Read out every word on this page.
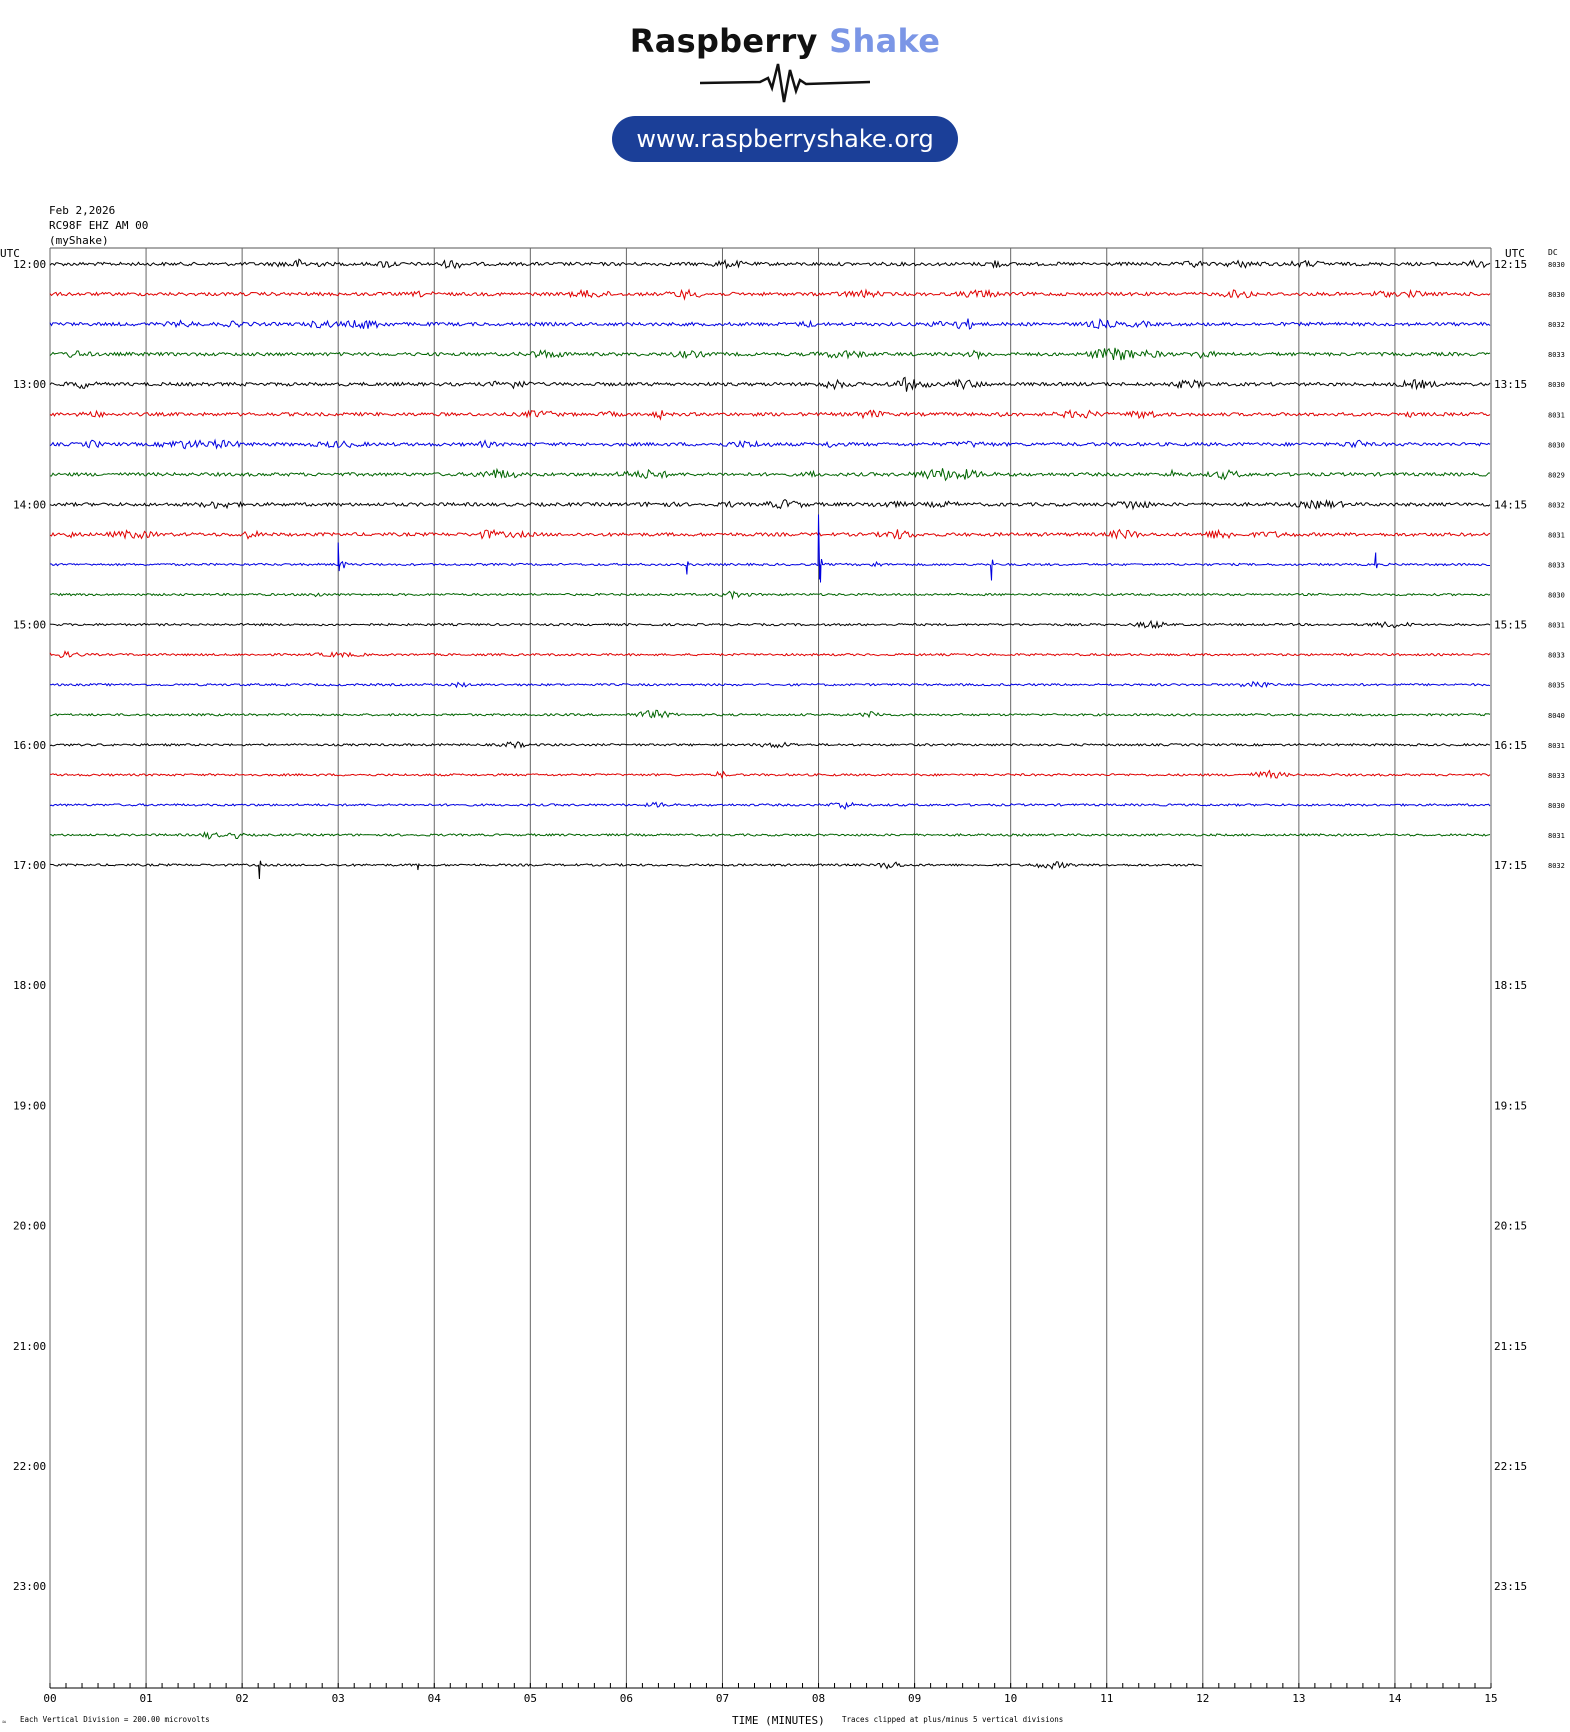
Raspberry Shake
www.raspberryshake.org
Feb 2,2026
RC98F EHZ AM 00
(myShake)
UTC	UTC	DC
TIME (MINUTES)
Each Vertical Division = 200.00 microvolts	Traces clipped at plus/minus 5 vertical divisions
00	01	02	03	04	05	06	07	08	09	10	11	12	13	14	15
12:00
13:00
14:00
15:00
16:00
17:00
18:00
19:00
20:00
21:00
22:00
23:00
12:15
13:15
14:15
15:15
16:15
17:15
18:15
19:15
20:15
21:15
22:15
23:15
8030
8030
8032
8033
8030
8031
8030
8029
8032
8031
8033
8030
8031
8033
8035
8040
8031
8033
8030
8031
8032
≈
